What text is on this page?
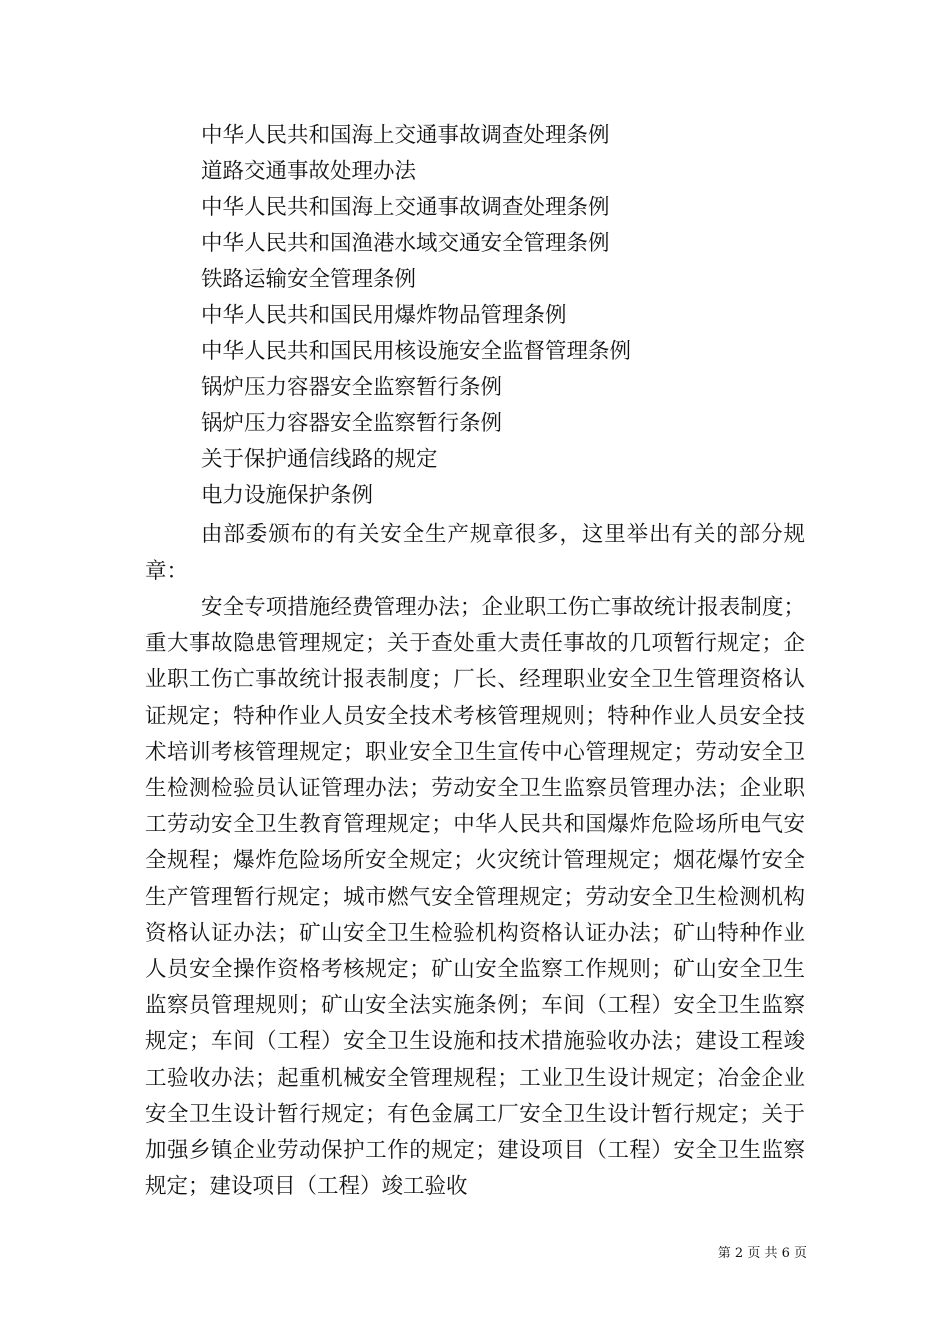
中华人民共和国海上交通事故调查处理条例
道路交通事故处理办法
中华人民共和国海上交通事故调查处理条例
中华人民共和国渔港水域交通安全管理条例
铁路运输安全管理条例
中华人民共和国民用爆炸物品管理条例
中华人民共和国民用核设施安全监督管理条例
锅炉压力容器安全监察暂行条例
锅炉压力容器安全监察暂行条例
关于保护通信线路的规定
电力设施保护条例

由部委颁布的有关安全生产规章很多，这里举出有关的部分规章：

安全专项措施经费管理办法；企业职工伤亡事故统计报表制度；重大事故隐患管理规定；关于查处重大责任事故的几项暂行规定；企业职工伤亡事故统计报表制度；厂长、经理职业安全卫生管理资格认证规定；特种作业人员安全技术考核管理规则；特种作业人员安全技术培训考核管理规定；职业安全卫生宣传中心管理规定；劳动安全卫生检测检验员认证管理办法；劳动安全卫生监察员管理办法；企业职工劳动安全卫生教育管理规定；中华人民共和国爆炸危险场所电气安全规程；爆炸危险场所安全规定；火灾统计管理规定；烟花爆竹安全生产管理暂行规定；城市燃气安全管理规定；劳动安全卫生检测机构资格认证办法；矿山安全卫生检验机构资格认证办法；矿山特种作业人员安全操作资格考核规定；矿山安全监察工作规则；矿山安全卫生监察员管理规则；矿山安全法实施条例；车间（工程）安全卫生监察规定；车间（工程）安全卫生设施和技术措施验收办法；建设工程竣工验收办法；起重机械安全管理规程；工业卫生设计规定；冶金企业安全卫生设计暂行规定；有色金属工厂安全卫生设计暂行规定；关于加强乡镇企业劳动保护工作的规定；建设项目（工程）安全卫生监察规定；建设项目（工程）竣工验收

第 2 页 共 6 页
